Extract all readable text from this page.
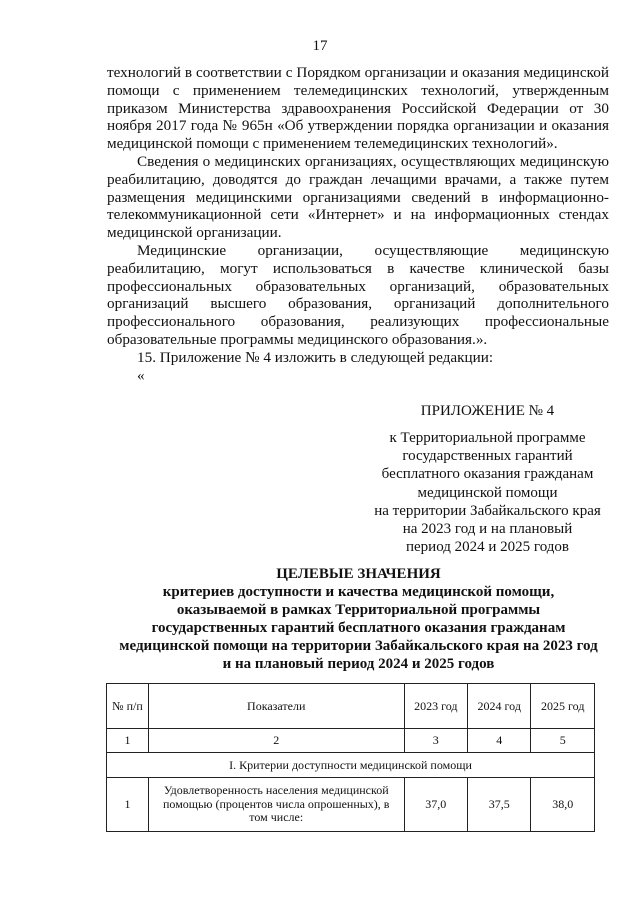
17

технологий в соответствии с Порядком организации и оказания медицинской помощи с применением телемедицинских технологий, утвержденным приказом Министерства здравоохранения Российской Федерации от 30 ноября 2017 года № 965н «Об утверждении порядка организации и оказания медицинской помощи с применением телемедицинских технологий».

Сведения о медицинских организациях, осуществляющих медицинскую реабилитацию, доводятся до граждан лечащими врачами, а также путем размещения медицинскими организациями сведений в информационно-телекоммуникационной сети «Интернет» и на информационных стендах медицинской организации.

Медицинские организации, осуществляющие медицинскую реабилитацию, могут использоваться в качестве клинической базы профессиональных образовательных организаций, образовательных организаций высшего образования, организаций дополнительного профессионального образования, реализующих профессиональные образовательные программы медицинского образования.».

15. Приложение № 4 изложить в следующей редакции:

«

ПРИЛОЖЕНИЕ № 4
к Территориальной программе
государственных гарантий
бесплатного оказания гражданам
медицинской помощи
на территории Забайкальского края
на 2023 год и на плановый
период 2024 и 2025 годов
ЦЕЛЕВЫЕ ЗНАЧЕНИЯ
критериев доступности и качества медицинской помощи,
оказываемой в рамках Территориальной программы
государственных гарантий бесплатного оказания гражданам
медицинской помощи на территории Забайкальского края на 2023 год
и на плановый период 2024 и 2025 годов
№ п/п	Показатели	2023 год	2024 год	2025 год
1	2	3	4	5
I. Критерии доступности медицинской помощи				
1	Удовлетворенность населения медицинской помощью (процентов числа опрошенных), в том числе:	37,0	37,5	38,0
